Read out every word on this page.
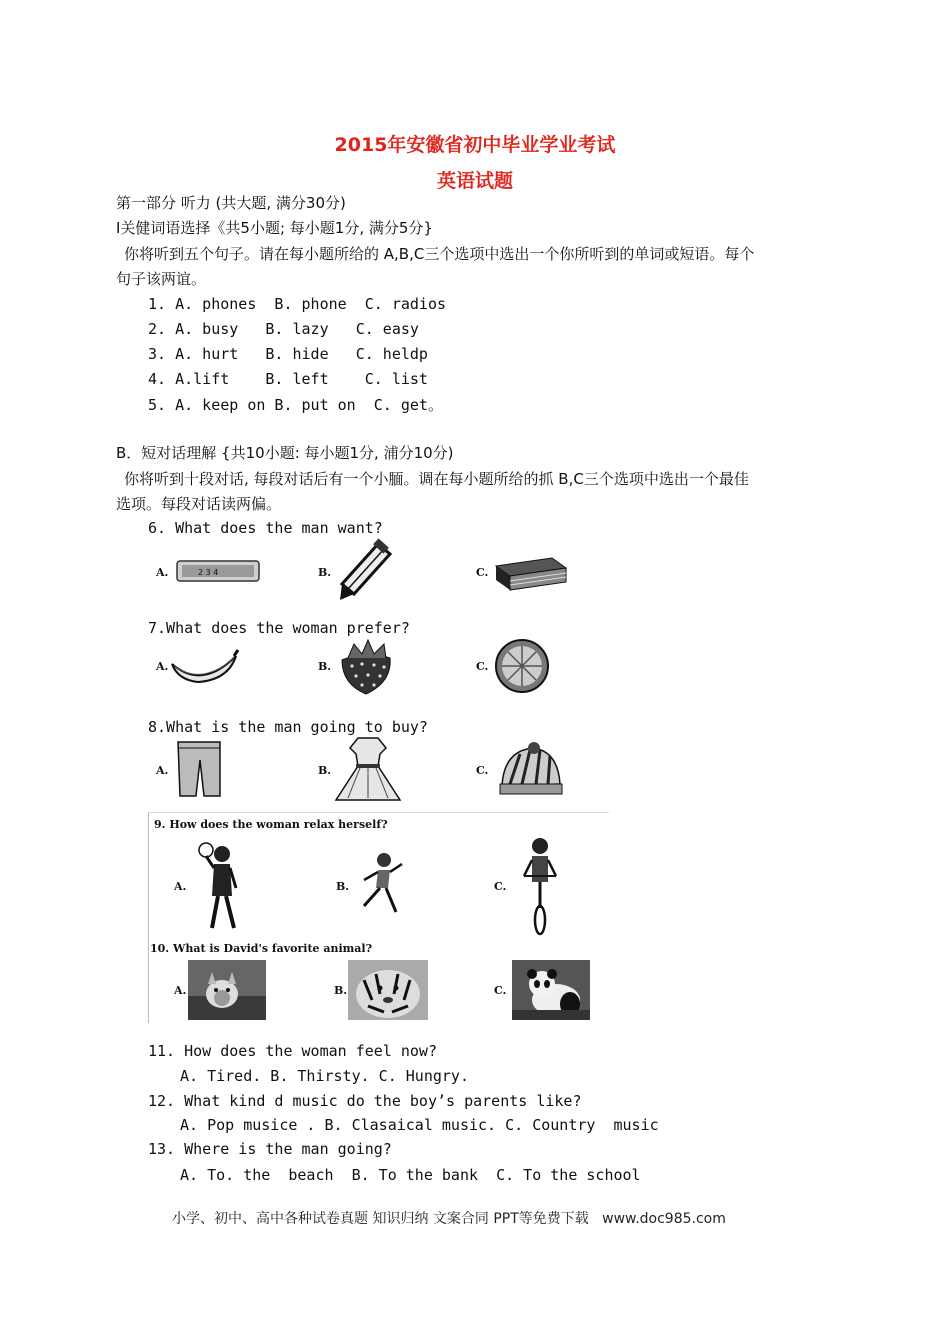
2015年安徽省初中毕业学业考试
英语试题
第一部分 听力 (共大题, 满分30分)
I关健词语选择《共5小题; 每小题1分, 满分5分}
你将听到五个句子。请在每小题所给的 A,B,C三个选项中选出一个你所听到的单词或短语。每个
句子该两谊。
1. A. phones  B. phone  C. radios
2. A. busy   B. lazy   C. easy
3. A. hurt   B. hide   C. heldp
4. A.lift    B. left    C. list
5. A. keep on B. put on  C. get。
B．短对话理解 {共10小题: 每小题1分, 浦分10分)
你将听到十段对话, 每段对话后有一个小腼。调在每小题所给的抓 B,C三个选项中选出一个最佳
选项。每段对话读两偏。
6. What does the man want?
A.	2 3 4	B.	C.
7.What does the woman prefer?
A.	B.	C.
8.What is the man going to buy?
A.	B.	C.
9. How does the woman relax herself?
A.	B.	C.
10. What is David's favorite animal?
A.	B.	C.
11. How does the woman feel now?
A. Tired. B. Thirsty. C. Hungry.
12. What kind d music do the boy’s parents like?
A. Pop musice . B. Clasaical music. C. Country  music
13. Where is the man going?
A. To. the  beach  B. To the bank  C. To the school
小学、初中、高中各种试卷真题 知识归纳 文案合同 PPT等免费下载   www.doc985.com
